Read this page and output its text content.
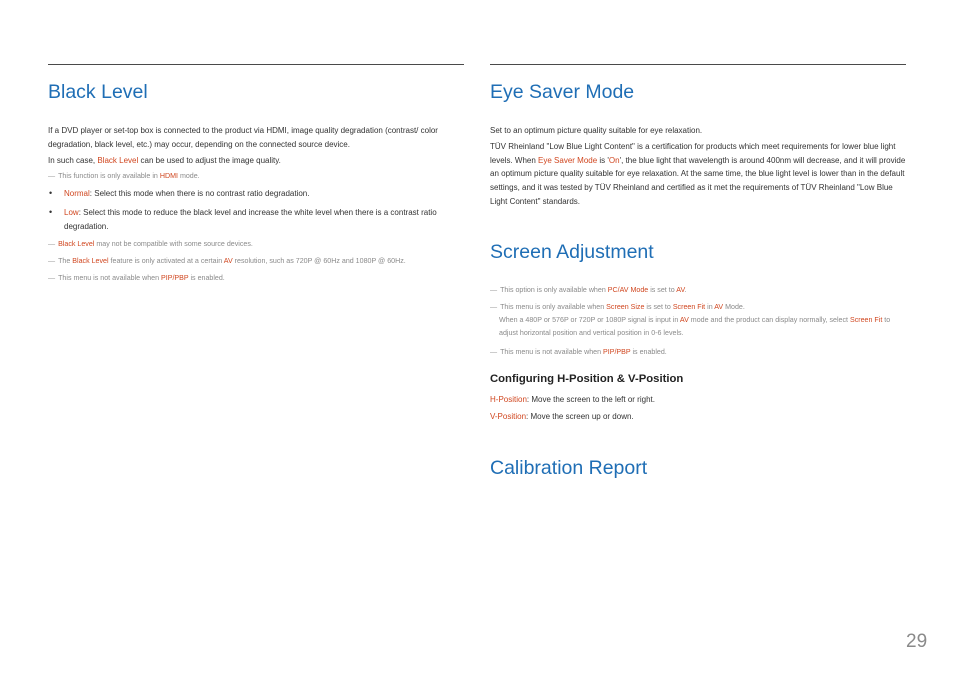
Black Level

If a DVD player or set-top box is connected to the product via HDMI, image quality degradation (contrast/ color degradation, black level, etc.) may occur, depending on the connected source device.

In such case, Black Level can be used to adjust the image quality.

― This function is only available in HDMI mode.

• Normal: Select this mode when there is no contrast ratio degradation.
• Low: Select this mode to reduce the black level and increase the white level when there is a contrast ratio degradation.

― Black Level may not be compatible with some source devices.

― The Black Level feature is only activated at a certain AV resolution, such as 720P @ 60Hz and 1080P @ 60Hz.

― This menu is not available when PIP/PBP is enabled.

Eye Saver Mode

Set to an optimum picture quality suitable for eye relaxation.

TÜV Rheinland "Low Blue Light Content" is a certification for products which meet requirements for lower blue light levels. When Eye Saver Mode is 'On', the blue light that wavelength is around 400nm will decrease, and it will provide an optimum picture quality suitable for eye relaxation. At the same time, the blue light level is lower than in the default settings, and it was tested by TÜV Rheinland and certified as it met the requirements of TÜV Rheinland "Low Blue Light Content" standards.

Screen Adjustment

― This option is only available when PC/AV Mode is set to AV.

― This menu is only available when Screen Size is set to Screen Fit in AV Mode.

When a 480P or 576P or 720P or 1080P signal is input in AV mode and the product can display normally, select Screen Fit to adjust horizontal position and vertical position in 0-6 levels.

― This menu is not available when PIP/PBP is enabled.

Configuring H-Position & V-Position

H-Position: Move the screen to the left or right.

V-Position: Move the screen up or down.

Calibration Report
29
